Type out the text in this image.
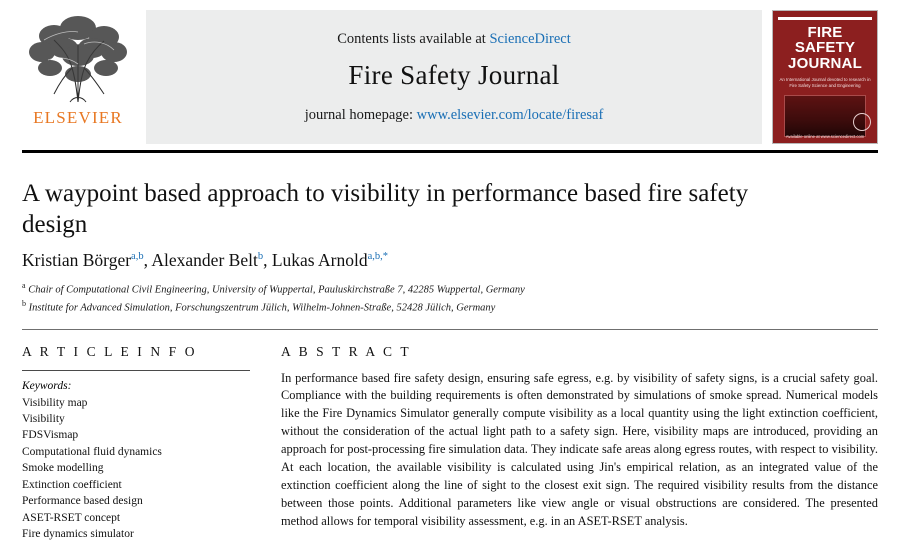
ELSEVIER
Contents lists available at ScienceDirect
Fire Safety Journal
journal homepage: www.elsevier.com/locate/firesaf
FIRE
SAFETY
JOURNAL
An International Journal devoted to research in Fire Safety Science and Engineering
Available online at www.sciencedirect.com
A waypoint based approach to visibility in performance based fire safety design
Kristian Börger$^{a,b}$, Alexander Belt$^b$, Lukas Arnold$^{a,b,*}$
$^a$ Chair of Computational Civil Engineering, University of Wuppertal, Pauluskirchstraße 7, 42285 Wuppertal, Germany
$^b$ Institute for Advanced Simulation, Forschungszentrum Jülich, Wilhelm-Johnen-Straße, 52428 Jülich, Germany
A R T I C L E I N F O
Keywords:
Visibility map
Visibility
FDSVismap
Computational fluid dynamics
Smoke modelling
Extinction coefficient
Performance based design
ASET-RSET concept
Fire dynamics simulator
A B S T R A C T

In performance based fire safety design, ensuring safe egress, e.g. by visibility of safety signs, is a crucial safety goal. Compliance with the building requirements is often demonstrated by simulations of smoke spread. Numerical models like the Fire Dynamics Simulator generally compute visibility as a local quantity using the light extinction coefficient, without the consideration of the actual light path to a safety sign. Here, visibility maps are introduced, providing an approach for post-processing fire simulation data. They indicate safe areas along egress routes, with respect to visibility. At each location, the available visibility is calculated using Jin's empirical relation, as an integrated value of the extinction coefficient along the line of sight to the closest exit sign. The required visibility results from the distance between those points. Additional parameters like view angle or visual obstructions are considered. The presented method allows for temporal visibility assessment, e.g. in an ASET-RSET analysis.
